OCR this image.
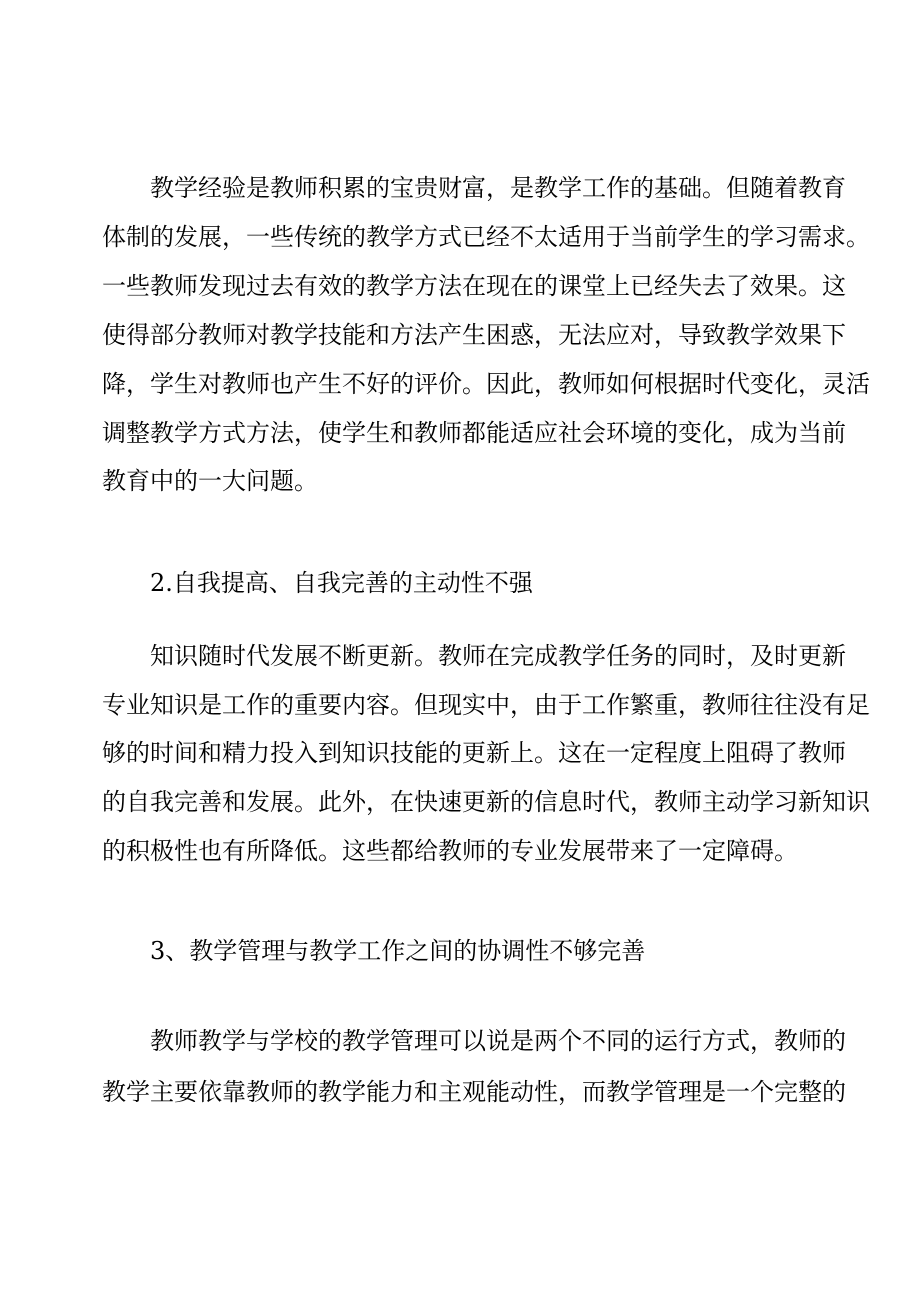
教学经验是教师积累的宝贵财富，是教学工作的基础。但随着教育
体制的发展，一些传统的教学方式已经不太适用于当前学生的学习需求。
一些教师发现过去有效的教学方法在现在的课堂上已经失去了效果。这
使得部分教师对教学技能和方法产生困惑，无法应对，导致教学效果下
降，学生对教师也产生不好的评价。因此，教师如何根据时代变化，灵活
调整教学方式方法，使学生和教师都能适应社会环境的变化，成为当前
教育中的一大问题。
2.自我提高、自我完善的主动性不强
知识随时代发展不断更新。教师在完成教学任务的同时，及时更新
专业知识是工作的重要内容。但现实中，由于工作繁重，教师往往没有足
够的时间和精力投入到知识技能的更新上。这在一定程度上阻碍了教师
的自我完善和发展。此外，在快速更新的信息时代，教师主动学习新知识
的积极性也有所降低。这些都给教师的专业发展带来了一定障碍。
3、教学管理与教学工作之间的协调性不够完善
教师教学与学校的教学管理可以说是两个不同的运行方式，教师的
教学主要依靠教师的教学能力和主观能动性，而教学管理是一个完整的
